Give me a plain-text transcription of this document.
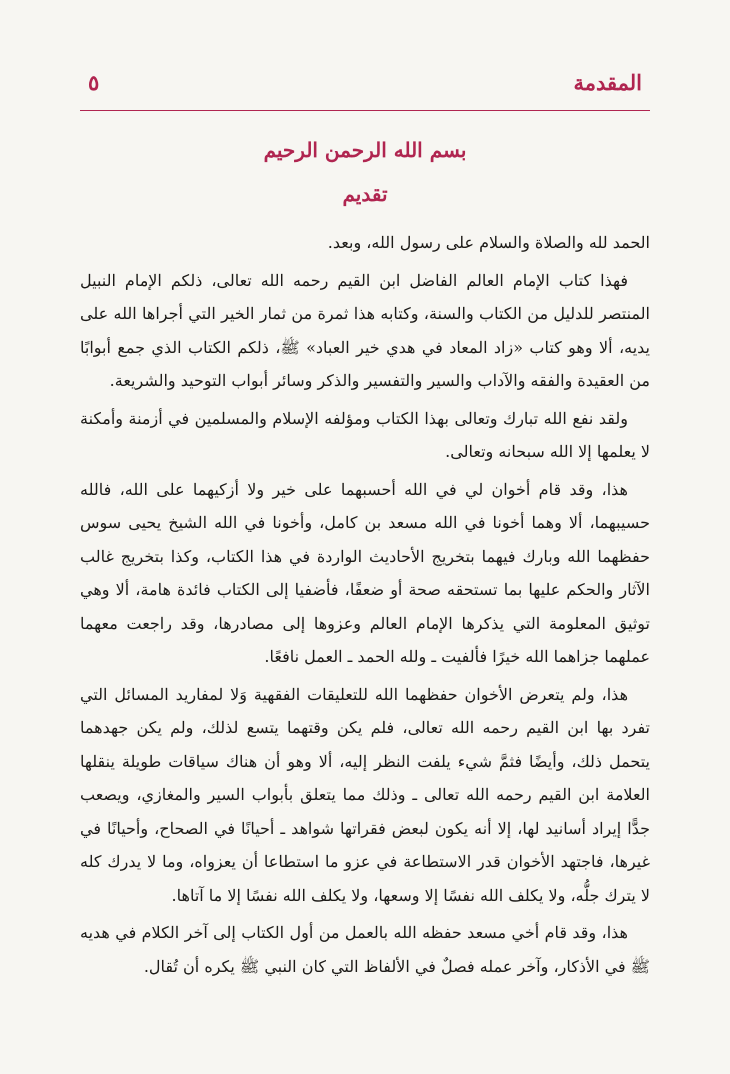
المقدمة
٥
بسم الله الرحمن الرحيم
تقديم

الحمد لله والصلاة والسلام على رسول الله، وبعد.

فهذا كتاب الإمام العالم الفاضل ابن القيم رحمه الله تعالى، ذلكم الإمام النبيل المنتصر للدليل من الكتاب والسنة، وكتابه هذا ثمرة من ثمار الخير التي أجراها الله على يديه، ألا وهو كتاب «زاد المعاد في هدي خير العباد» ﷺ، ذلكم الكتاب الذي جمع أبوابًا من العقيدة والفقه والآداب والسير والتفسير والذكر وسائر أبواب التوحيد والشريعة.

ولقد نفع الله تبارك وتعالى بهذا الكتاب ومؤلفه الإسلام والمسلمين في أزمنة وأمكنة لا يعلمها إلا الله سبحانه وتعالى.

هذا، وقد قام أخوان لي في الله أحسبهما على خير ولا أزكيهما على الله، فالله حسيبهما، ألا وهما أخونا في الله مسعد بن كامل، وأخونا في الله الشيخ يحيى سوس حفظهما الله وبارك فيهما بتخريج الأحاديث الواردة في هذا الكتاب، وكذا بتخريج غالب الآثار والحكم عليها بما تستحقه صحة أو ضعفًا، فأضفيا إلى الكتاب فائدة هامة، ألا وهي توثيق المعلومة التي يذكرها الإمام العالم وعزوها إلى مصادرها، وقد راجعت معهما عملهما جزاهما الله خيرًا فألفيت ـ ولله الحمد ـ العمل نافعًا.

هذا، ولم يتعرض الأخوان حفظهما الله للتعليقات الفقهية وَلا لمفاريد المسائل التي تفرد بها ابن القيم رحمه الله تعالى، فلم يكن وقتهما يتسع لذلك، ولم يكن جهدهما يتحمل ذلك، وأيضًا فثمَّ شيء يلفت النظر إليه، ألا وهو أن هناك سياقات طويلة ينقلها العلامة ابن القيم رحمه الله تعالى ـ وذلك مما يتعلق بأبواب السير والمغازي، ويصعب جدًّا إيراد أسانيد لها، إلا أنه يكون لبعض فقراتها شواهد ـ أحيانًا في الصحاح، وأحيانًا في غيرها، فاجتهد الأخوان قدر الاستطاعة في عزو ما استطاعا أن يعزواه، وما لا يدرك كله لا يترك جلُّه، ولا يكلف الله نفسًا إلا وسعها، ولا يكلف الله نفسًا إلا ما آتاها.

هذا، وقد قام أخي مسعد حفظه الله بالعمل من أول الكتاب إلى آخر الكلام في هديه ﷺ في الأذكار، وآخر عمله فصلٌ في الألفاظ التي كان النبي ﷺ يكره أن تُقال.
